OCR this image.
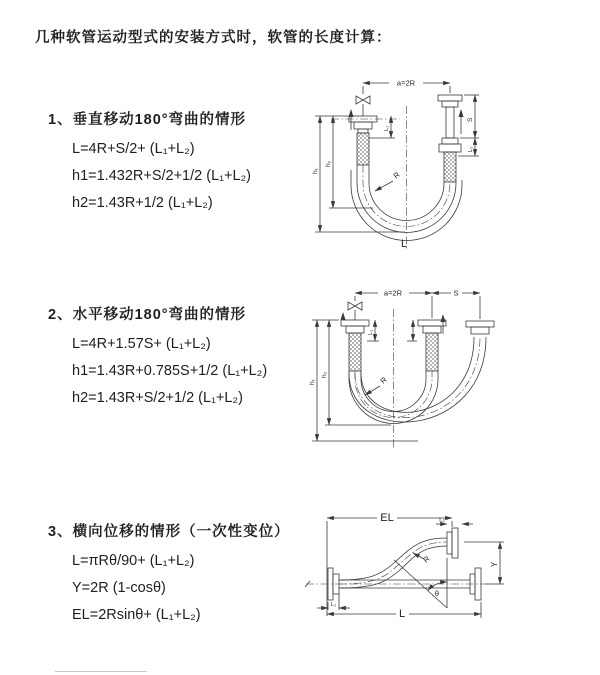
几种软管运动型式的安装方式时，软管的长度计算：
1、垂直移动180°弯曲的情形
L=4R+S/2+ (L₁+L₂)
h1=1.432R+S/2+1/2 (L₁+L₂)
h2=1.43R+1/2 (L₁+L₂)
2、水平移动180°弯曲的情形
L=4R+1.57S+ (L₁+L₂)
h1=1.43R+0.785S+1/2 (L₁+L₂)
h2=1.43R+S/2+1/2 (L₁+L₂)
3、横向位移的情形（一次性变位）
L=πRθ/90+ (L₁+L₂)
Y=2R (1-cosθ)
EL=2Rsinθ+ (L₁+L₂)
a=2R
h₁
h₂
L₁
S
L₂
R
L
a=2R	S
h₁
h₂
L₁
R
EL	L₂
Y
θ
R
L
L₁
